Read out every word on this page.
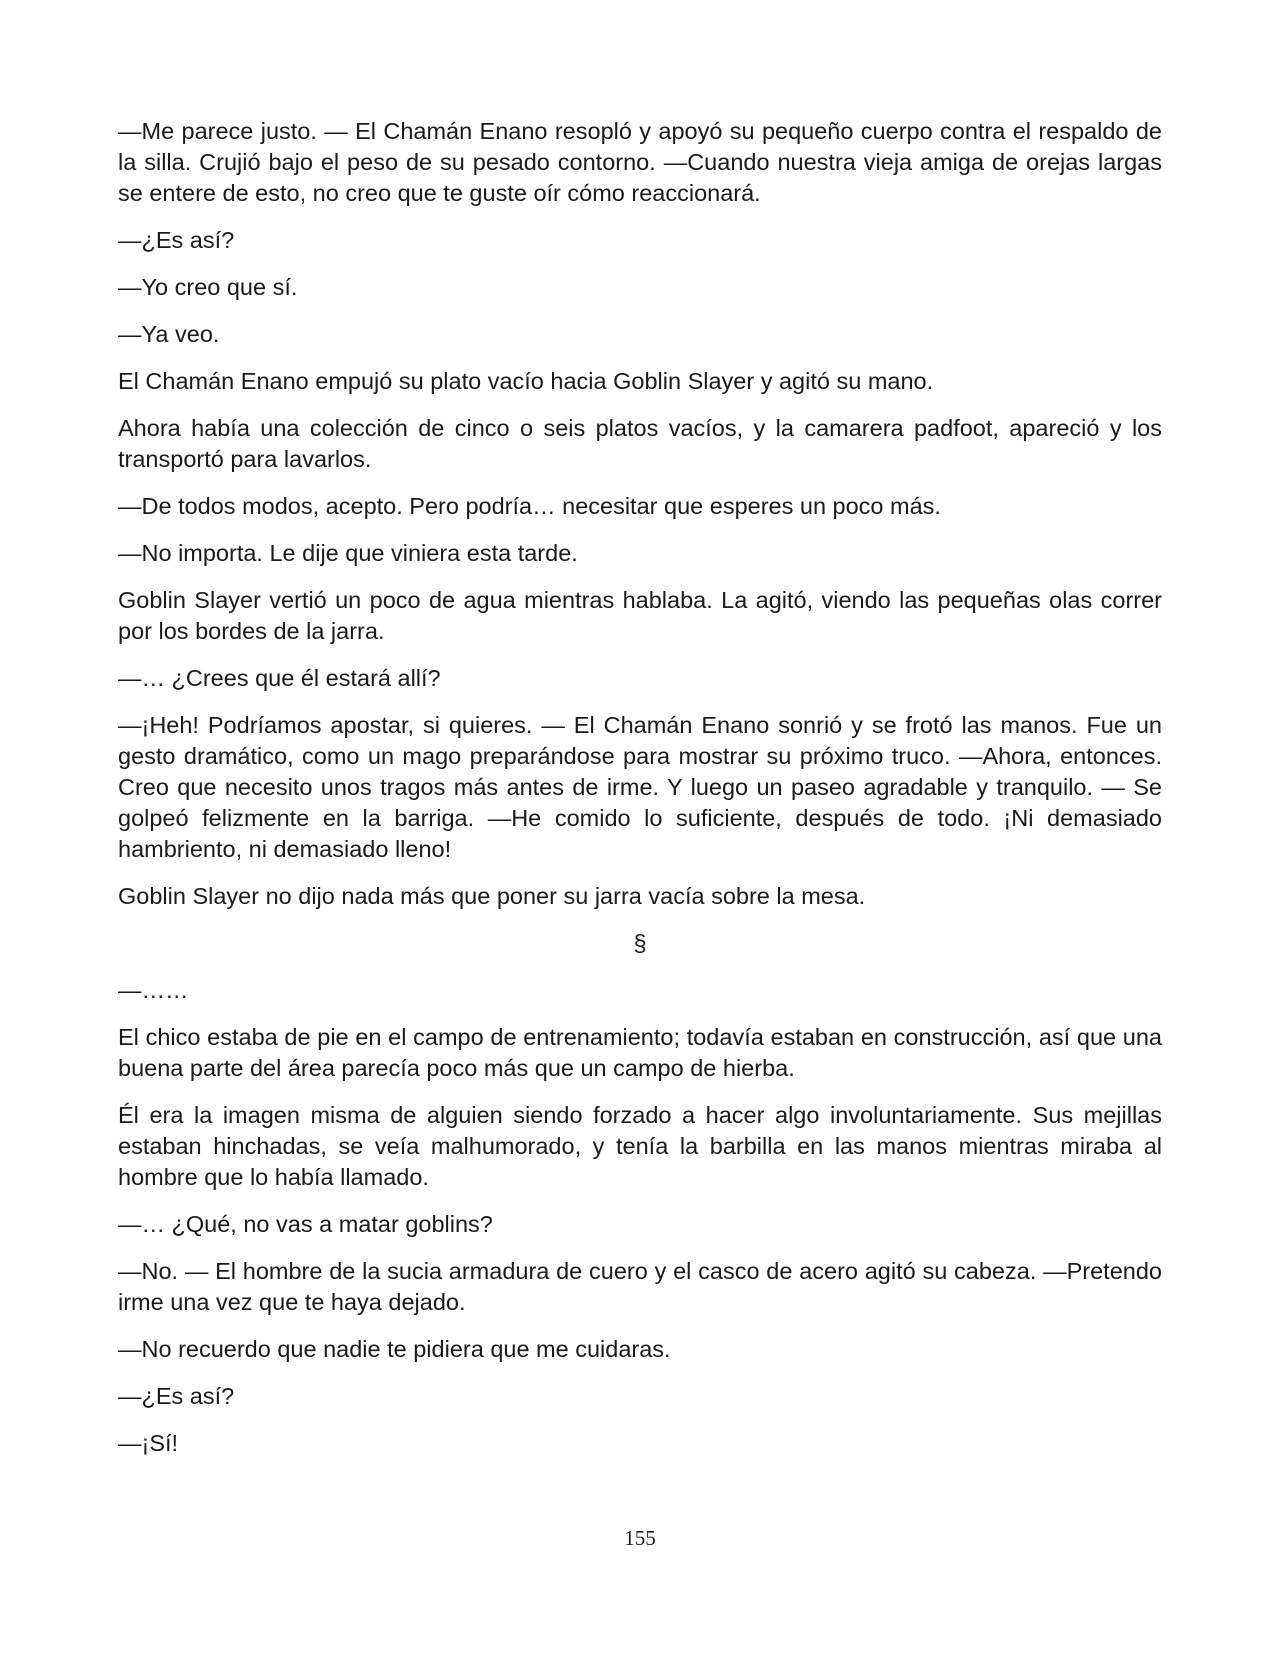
—Me parece justo. — El Chamán Enano resopló y apoyó su pequeño cuerpo contra el respaldo de la silla. Crujió bajo el peso de su pesado contorno. —Cuando nuestra vieja amiga de orejas largas se entere de esto, no creo que te guste oír cómo reaccionará.

—¿Es así?

—Yo creo que sí.

—Ya veo.

El Chamán Enano empujó su plato vacío hacia Goblin Slayer y agitó su mano.

Ahora había una colección de cinco o seis platos vacíos, y la camarera padfoot, apareció y los transportó para lavarlos.

—De todos modos, acepto. Pero podría… necesitar que esperes un poco más.

—No importa. Le dije que viniera esta tarde.

Goblin Slayer vertió un poco de agua mientras hablaba. La agitó, viendo las pequeñas olas correr por los bordes de la jarra.

—… ¿Crees que él estará allí?

—¡Heh! Podríamos apostar, si quieres. — El Chamán Enano sonrió y se frotó las manos. Fue un gesto dramático, como un mago preparándose para mostrar su próximo truco. —Ahora, entonces. Creo que necesito unos tragos más antes de irme. Y luego un paseo agradable y tranquilo. — Se golpeó felizmente en la barriga. —He comido lo suficiente, después de todo. ¡Ni demasiado hambriento, ni demasiado lleno!

Goblin Slayer no dijo nada más que poner su jarra vacía sobre la mesa.

§

—……

El chico estaba de pie en el campo de entrenamiento; todavía estaban en construcción, así que una buena parte del área parecía poco más que un campo de hierba.

Él era la imagen misma de alguien siendo forzado a hacer algo involuntariamente. Sus mejillas estaban hinchadas, se veía malhumorado, y tenía la barbilla en las manos mientras miraba al hombre que lo había llamado.

—… ¿Qué, no vas a matar goblins?

—No. — El hombre de la sucia armadura de cuero y el casco de acero agitó su cabeza. —Pretendo irme una vez que te haya dejado.

—No recuerdo que nadie te pidiera que me cuidaras.

—¿Es así?

—¡Sí!

155
